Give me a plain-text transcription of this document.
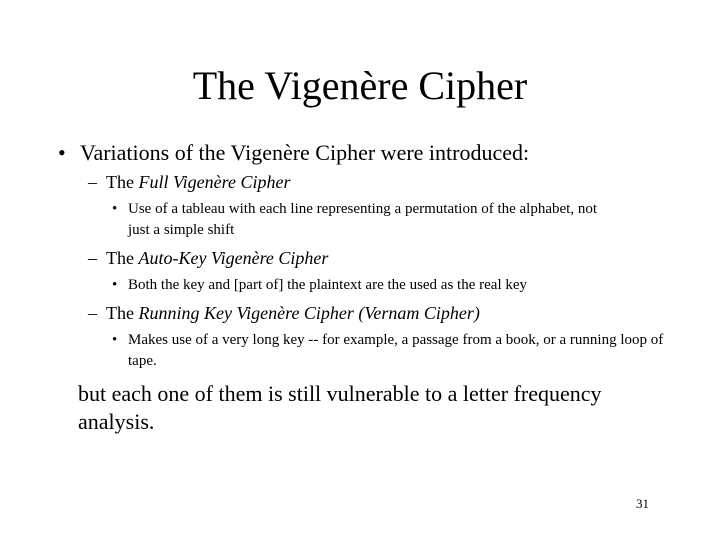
The Vigenère Cipher
• Variations of the Vigenère Cipher were introduced:
– The Full Vigenère Cipher
• Use of a tableau with each line representing a permutation of the alphabet, not just a simple shift
– The Auto-Key Vigenère Cipher
• Both the key and [part of] the plaintext are the used as the real key
– The Running Key Vigenère Cipher (Vernam Cipher)
• Makes use of a very long key -- for example, a passage from a book, or a running loop of tape.
but each one of them is still vulnerable to a letter frequency analysis.
31
